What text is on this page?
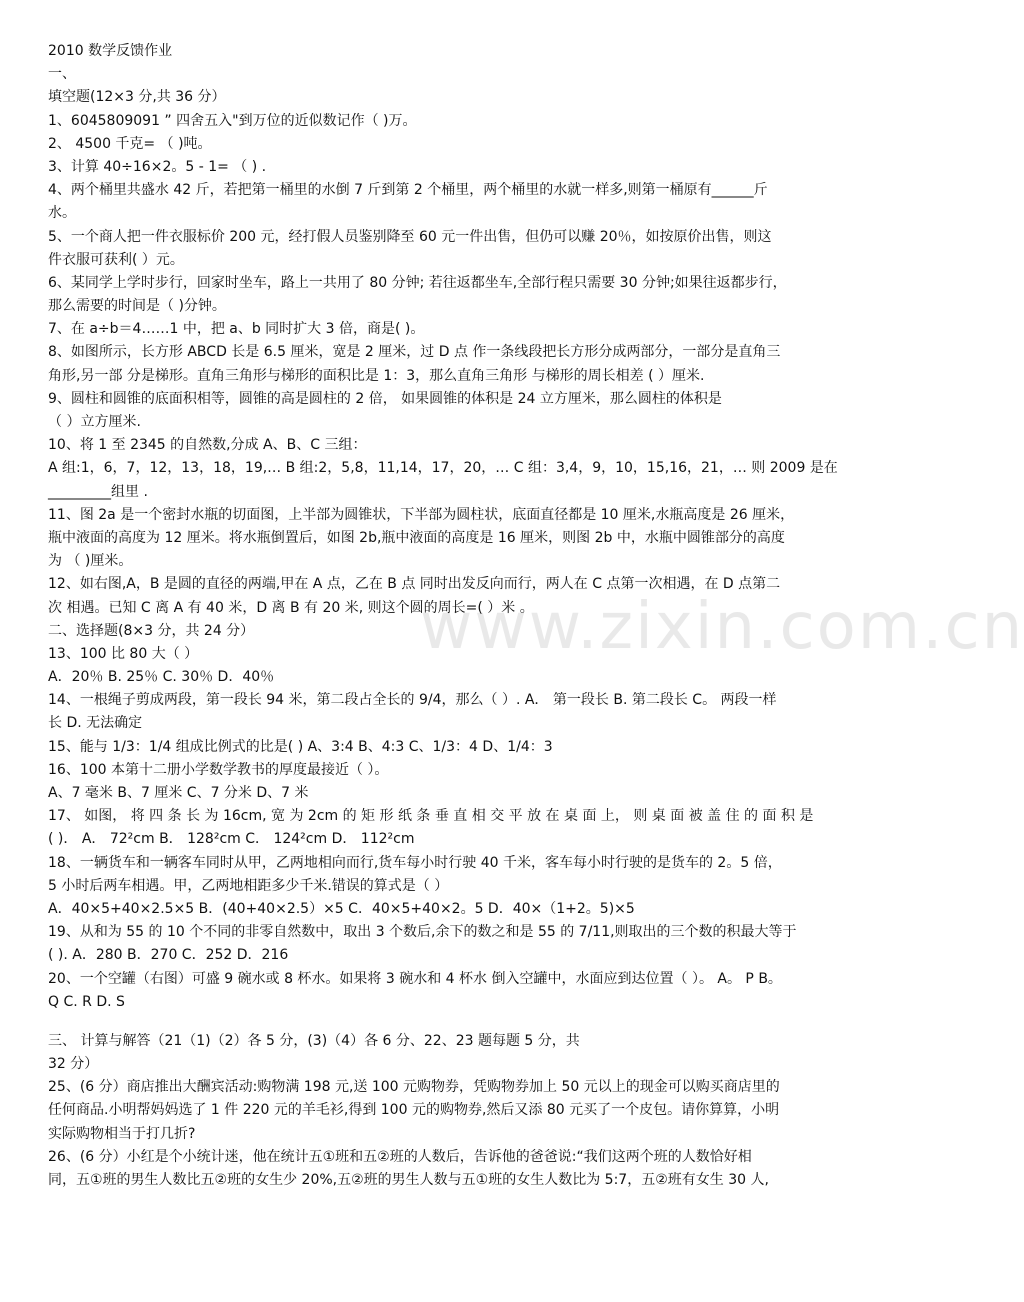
www.zixin.com.cn
2010 数学反馈作业
一、
填空题(12×3 分,共 36 分）
1、6045809091 ” 四舍五入"到万位的近似数记作（ )万。
2、 4500 千克= （ )吨。
3、计算 40÷16×2。5 - 1= （ ) .
4、两个桶里共盛水 42 斤，若把第一桶里的水倒 7 斤到第 2 个桶里，两个桶里的水就一样多,则第一桶原有______斤
水。
5、一个商人把一件衣服标价 200 元，经打假人员鉴别降至 60 元一件出售，但仍可以赚 20％，如按原价出售，则这
件衣服可获利( ）元。
6、某同学上学时步行，回家时坐车，路上一共用了 80 分钟; 若往返都坐车,全部行程只需要 30 分钟;如果往返都步行，
那么需要的时间是（ )分钟。
7、在 a÷b＝4……1 中，把 a、b 同时扩大 3 倍，商是( )。
8、如图所示，长方形 ABCD 长是 6.5 厘米，宽是 2 厘米，过 D 点 作一条线段把长方形分成两部分，一部分是直角三
角形,另一部 分是梯形。直角三角形与梯形的面积比是 1：3，那么直角三角形 与梯形的周长相差 ( ）厘米.
9、圆柱和圆锥的底面积相等，圆锥的高是圆柱的 2 倍， 如果圆锥的体积是 24 立方厘米，那么圆柱的体积是
（ ）立方厘米.
10、将 1 至 2345 的自然数,分成 A、B、C 三组：
A 组:1，6，7，12，13，18，19,… B 组:2，5,8，11,14，17，20，… C 组：3,4，9，10，15,16，21，… 则 2009 是在
_________组里 .
11、图 2a 是一个密封水瓶的切面图，上半部为圆锥状，下半部为圆柱状，底面直径都是 10 厘米,水瓶高度是 26 厘米，
瓶中液面的高度为 12 厘米。将水瓶倒置后，如图 2b,瓶中液面的高度是 16 厘米，则图 2b 中，水瓶中圆锥部分的高度
为 （ )厘米。
12、如右图,A，B 是圆的直径的两端,甲在 A 点，乙在 B 点 同时出发反向而行，两人在 C 点第一次相遇，在 D 点第二
次 相遇。已知 C 离 A 有 40 米，D 离 B 有 20 米, 则这个圆的周长=( ）米 。
二、选择题(8×3 分，共 24 分）
13、100 比 80 大（ ）
A．20％ B. 25％ C. 30％ D．40％
14、一根绳子剪成两段，第一段长 94 米，第二段占全长的 9/4，那么（ ）. A． 第一段长 B. 第二段长 C。 两段一样
长 D. 无法确定
15、能与 1/3：1/4 组成比例式的比是( ) A、3:4 B、4:3 C、1/3：4 D、1/4：3
16、100 本第十二册小学数学教书的厚度最接近（ ）。
A、7 毫米 B、7 厘米 C、7 分米 D、7 米
17、 如图， 将 四 条 长 为 16cm, 宽 为 2cm 的 矩 形 纸 条 垂 直 相 交 平 放 在 桌 面 上， 则 桌 面 被 盖 住 的 面 积 是
( )． A． 72²cm B． 128²cm C． 124²cm D． 112²cm
18、一辆货车和一辆客车同时从甲，乙两地相向而行,货车每小时行驶 40 千米，客车每小时行驶的是货车的 2。5 倍，
5 小时后两车相遇。甲，乙两地相距多少千米.错误的算式是（ ）
A．40×5+40×2.5×5 B．(40+40×2.5）×5 C．40×5+40×2。5 D．40×（1+2。5)×5
19、从和为 55 的 10 个不同的非零自然数中，取出 3 个数后,余下的数之和是 55 的 7/11,则取出的三个数的积最大等于
( ). A．280 B．270 C．252 D．216
20、一个空罐（右图）可盛 9 碗水或 8 杯水。如果将 3 碗水和 4 杯水 倒入空罐中，水面应到达位置（ ）。 A。 P B。
Q C. R D. S
三、 计算与解答（21（1)（2）各 5 分，(3)（4）各 6 分、22、23 题每题 5 分，共
32 分）
25、(6 分）商店推出大酬宾活动:购物满 198 元,送 100 元购物券，凭购物券加上 50 元以上的现金可以购买商店里的
任何商品.小明帮妈妈选了 1 件 220 元的羊毛衫,得到 100 元的购物券,然后又添 80 元买了一个皮包。请你算算，小明
实际购物相当于打几折?
26、(6 分）小红是个小统计迷，他在统计五①班和五②班的人数后，告诉他的爸爸说:“我们这两个班的人数恰好相
同，五①班的男生人数比五②班的女生少 20%,五②班的男生人数与五①班的女生人数比为 5:7，五②班有女生 30 人,
